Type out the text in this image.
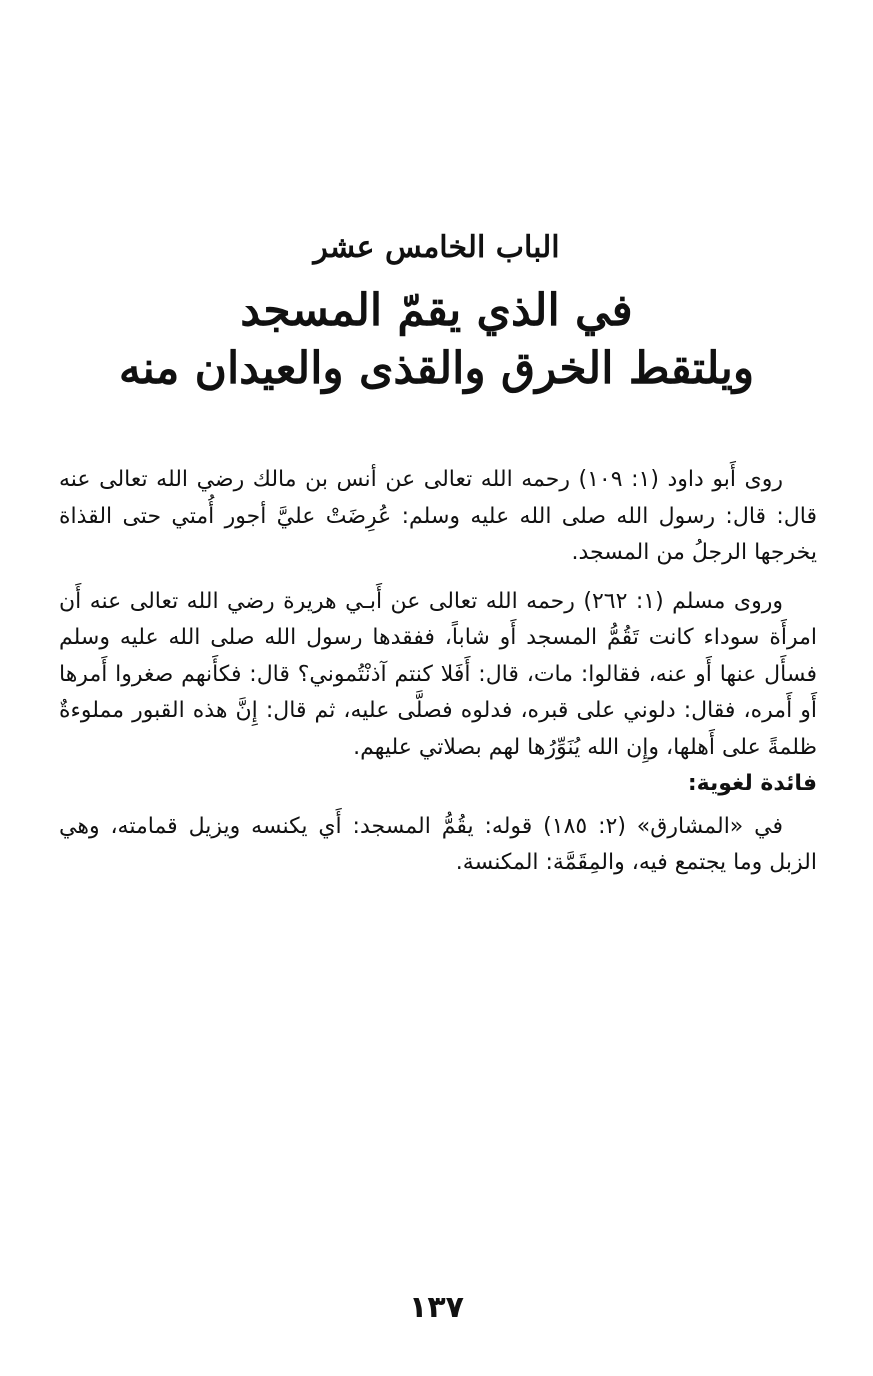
الباب الخامس عشر
في الذي يقمّ المسجد
ويلتقط الخرق والقذى والعيدان منه

روى أَبو داود (١: ١٠٩) رحمه الله تعالى عن أنس بن مالك رضي الله تعالى عنه قال: قال: رسول الله صلى الله عليه وسلم: عُرِضَتْ عليَّ أجور أُمتي حتى القذاة يخرجها الرجلُ من المسجد.

وروى مسلم (١: ٢٦٢) رحمه الله تعالى عن أَبـي هريرة رضي الله تعالى عنه أَن امرأَة سوداء كانت تَقُمُّ المسجد أَو شاباً، ففقدها رسول الله صلى الله عليه وسلم فسأَل عنها أَو عنه، فقالوا: مات، قال: أَفَلا كنتم آذنْتُموني؟ قال: فكأَنهم صغروا أَمرها أَو أَمره، فقال: دلوني على قبره، فدلوه فصلَّى عليه، ثم قال: إِنَّ هذه القبور مملوءةٌ ظلمةً على أَهلها، وإِن الله يُنَوِّرُها لهم بصلاتي عليهم.

فائدة لغوية:

في «المشارق» (٢: ١٨٥) قوله: يقُمُّ المسجد: أَي يكنسه ويزيل قمامته، وهي الزبل وما يجتمع فيه، والمِقَمَّة: المكنسة.

١٣٧
